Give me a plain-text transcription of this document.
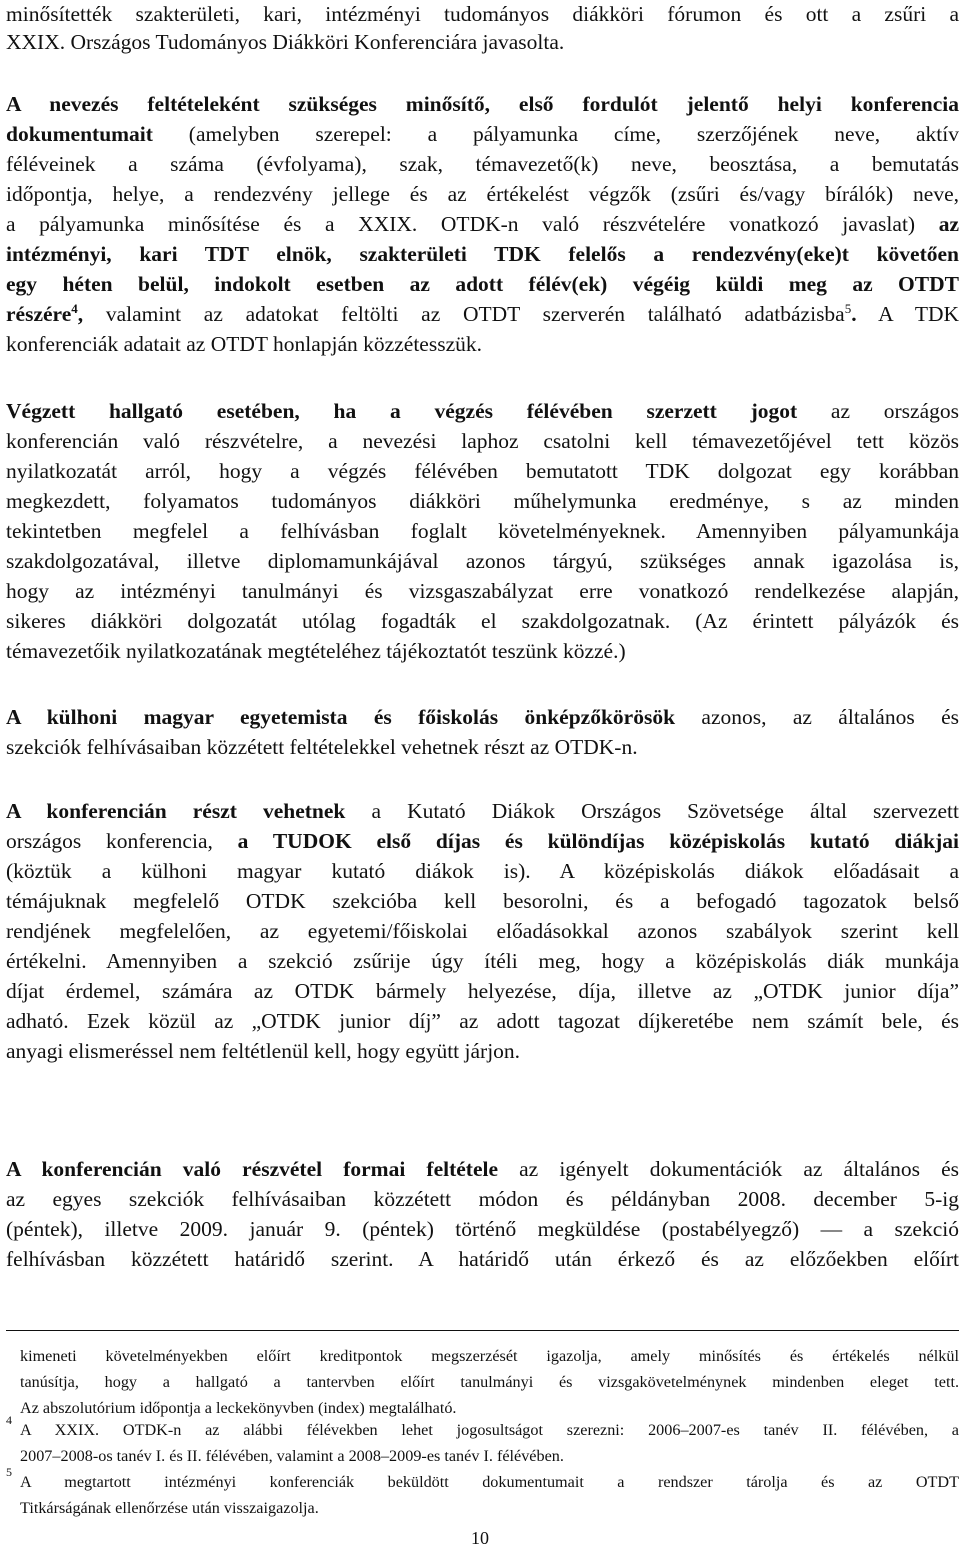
minősítették szakterületi, kari, intézményi tudományos diákköri fórumon és ott a zsűri a
XXIX. Országos Tudományos Diákköri Konferenciára javasolta.
A nevezés feltételeként szükséges minősítő, első fordulót jelentő helyi konferencia
dokumentumait (amelyben szerepel: a pályamunka címe, szerzőjének neve, aktív
féléveinek a száma (évfolyama), szak, témavezető(k) neve, beosztása, a bemutatás
időpontja, helye, a rendezvény jellege és az értékelést végzők (zsűri és/vagy bírálók) neve,
a pályamunka minősítése és a XXIX. OTDK-n való részvételére vonatkozó javaslat) az
intézményi, kari TDT elnök, szakterületi TDK felelős a rendezvény(eke)t követően
egy héten belül, indokolt esetben az adott félév(ek) végéig küldi meg az OTDT
részére$^4$, valamint az adatokat feltölti az OTDT szerverén található adatbázisba$^5$. A TDK
konferenciák adatait az OTDT honlapján közzétesszük.
Végzett hallgató esetében, ha a végzés félévében szerzett jogot az országos
konferencián való részvételre, a nevezési laphoz csatolni kell témavezetőjével tett közös
nyilatkozatát arról, hogy a végzés félévében bemutatott TDK dolgozat egy korábban
megkezdett, folyamatos tudományos diákköri műhelymunka eredménye, s az minden
tekintetben megfelel a felhívásban foglalt követelményeknek. Amennyiben pályamunkája
szakdolgozatával, illetve diplomamunkájával azonos tárgyú, szükséges annak igazolása is,
hogy az intézményi tanulmányi és vizsgaszabályzat erre vonatkozó rendelkezése alapján,
sikeres diákköri dolgozatát utólag fogadták el szakdolgozatnak. (Az érintett pályázók és
témavezetőik nyilatkozatának megtételéhez tájékoztatót teszünk közzé.)
A külhoni magyar egyetemista és főiskolás önképzőkörösök azonos, az általános és
szekciók felhívásaiban közzétett feltételekkel vehetnek részt az OTDK-n.
A konferencián részt vehetnek a Kutató Diákok Országos Szövetsége által szervezett
országos konferencia, a TUDOK első díjas és különdíjas középiskolás kutató diákjai
(köztük a külhoni magyar kutató diákok is). A középiskolás diákok előadásait a
témájuknak megfelelő OTDK szekcióba kell besorolni, és a befogadó tagozatok belső
rendjének megfelelően, az egyetemi/főiskolai előadásokkal azonos szabályok szerint kell
értékelni. Amennyiben a szekció zsűrije úgy ítéli meg, hogy a középiskolás diák munkája
díjat érdemel, számára az OTDK bármely helyezése, díja, illetve az „OTDK junior díja”
adható. Ezek közül az „OTDK junior díj” az adott tagozat díjkeretébe nem számít bele, és
anyagi elismeréssel nem feltétlenül kell, hogy együtt járjon.
A konferencián való részvétel formai feltétele az igényelt dokumentációk az általános és
az egyes szekciók felhívásaiban közzétett módon és példányban 2008. december 5-ig
(péntek), illetve 2009. január 9. (péntek) történő megküldése (postabélyegző) — a szekció
felhívásban közzétett határidő szerint. A határidő után érkező és az előzőekben előírt
kimeneti követelményekben előírt kreditpontok megszerzését igazolja, amely minősítés és értékelés nélkül
tanúsítja, hogy a hallgató a tantervben előírt tanulmányi és vizsgakövetelménynek mindenben eleget tett.
Az abszolutórium időpontja a leckekönyvben (index) megtalálható.
4
A XXIX. OTDK-n az alábbi félévekben lehet jogosultságot szerezni: 2006–2007-es tanév II. félévében, a
2007–2008-os tanév I. és II. félévében, valamint a 2008–2009-es tanév I. félévében.
5
A megtartott intézményi konferenciák beküldött dokumentumait a rendszer tárolja és az OTDT
Titkárságának ellenőrzése után visszaigazolja.
10
